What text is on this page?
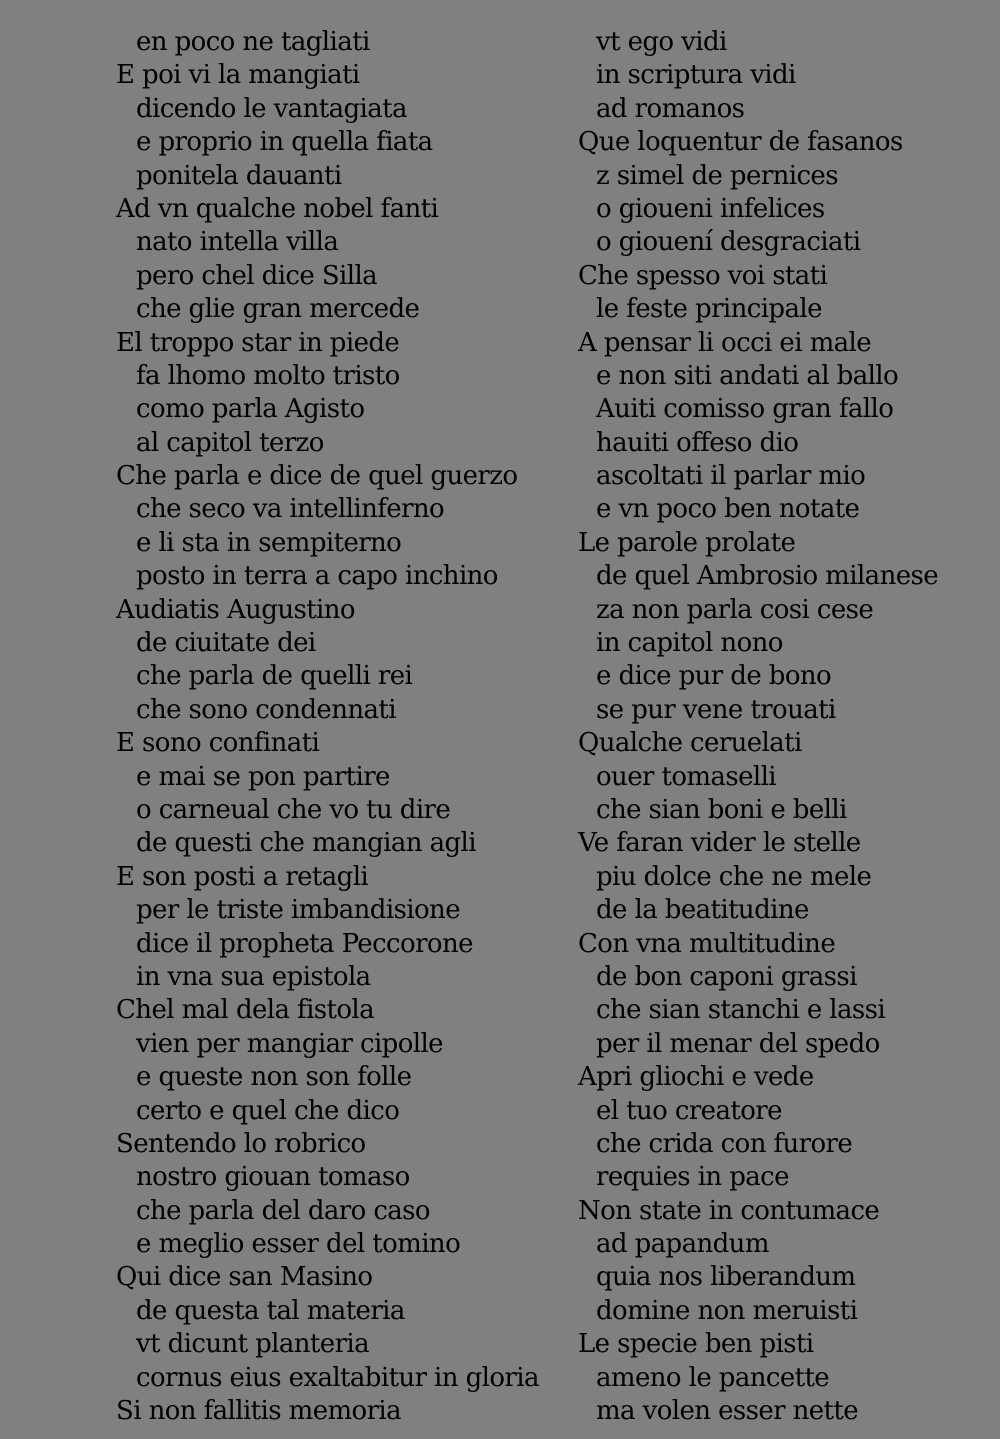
en poco ne tagliati
E poi vi la mangiati
dicendo le vantagiata
e proprio in quella fiata
ponitela dauanti
Ad vn qualche nobel fanti
nato intella villa
pero chel dice Silla
che glie gran mercede
El troppo star in piede
fa lhomo molto tristo
como parla Agisto
al capitol terzo
Che parla e dice de quel guerzo
che seco va intellinferno
e li sta in sempiterno
posto in terra a capo inchino
Audiatis Augustino
de ciuitate dei
che parla de quelli rei
che sono condennati
E sono confinati
e mai se pon partire
o carneual che vo tu dire
de questi che mangian agli
E son posti a retagli
per le triste imbandisione
dice il propheta Peccorone
in vna sua epistola
Chel mal dela fistola
vien per mangiar cipolle
e queste non son folle
certo e quel che dico
Sentendo lo robrico
nostro giouan tomaso
che parla del daro caso
e meglio esser del tomino
Qui dice san Masino
de questa tal materia
vt dicunt planteria
cornus eius exaltabitur in gloria
Si non fallitis memoria
vt ego vidi
in scriptura vidi
ad romanos
Que loquentur de fasanos
z simel de pernices
o gioueni infelices
o giouení desgraciati
Che spesso voi stati
le feste principale
A pensar li occi ei male
e non siti andati al ballo
Auiti comisso gran fallo
hauiti offeso dio
ascoltati il parlar mio
e vn poco ben notate
Le parole prolate
de quel Ambrosio milanese
za non parla cosi cese
in capitol nono
e dice pur de bono
se pur vene trouati
Qualche ceruelati
ouer tomaselli
che sian boni e belli
Ve faran vider le stelle
piu dolce che ne mele
de la beatitudine
Con vna multitudine
de bon caponi grassi
che sian stanchi e lassi
per il menar del spedo
Apri gliochi e vede
el tuo creatore
che crida con furore
requies in pace
Non state in contumace
ad papandum
quia nos liberandum
domine non meruisti
Le specie ben pisti
ameno le pancette
ma volen esser nette
